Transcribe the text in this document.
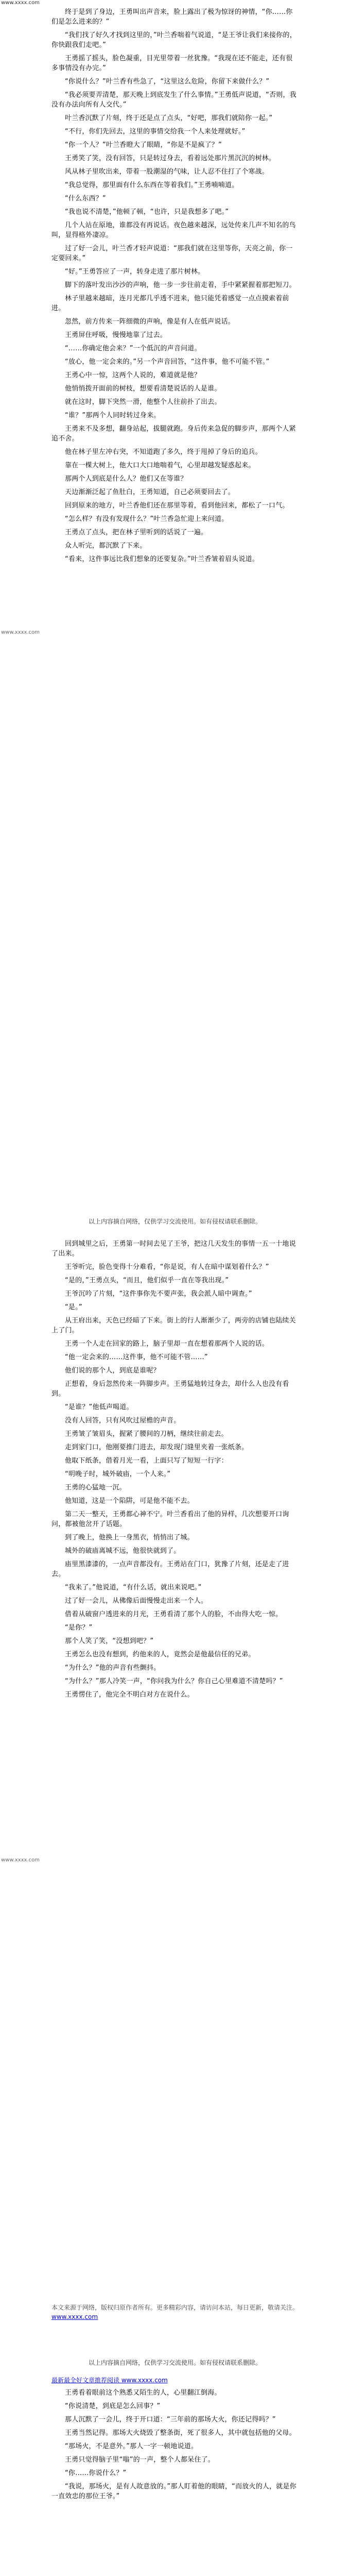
www.xxxx.com

终于是到了身边，王勇叫出声音来，脸上露出了极为惊讶的神情，“你……你们是怎么进来的？”

“我们找了好久才找到这里的，”叶兰香喘着气说道，“是王爷让我们来接你的，你快跟我们走吧。”

王勇摇了摇头，脸色凝重，目光里带着一丝犹豫。“我现在还不能走，还有很多事情没有办完。”

“你说什么？”叶兰香有些急了，“这里这么危险，你留下来做什么？”

“我必须要弄清楚，那天晚上到底发生了什么事情。”王勇低声说道，“否则，我没有办法向所有人交代。”

叶兰香沉默了片刻，终于还是点了点头，“好吧，那我们就陪你一起。”

“不行，你们先回去，这里的事情交给我一个人来处理就好。”

“你一个人？”叶兰香瞪大了眼睛，“你是不是疯了？”

王勇笑了笑，没有回答，只是转过身去，看着远处那片黑沉沉的树林。

风从林子里吹出来，带着一股潮湿的气味，让人忍不住打了个寒战。

“我总觉得，那里面有什么东西在等着我们。”王勇喃喃道。

“什么东西？”

“我也说不清楚，”他顿了顿，“也许，只是我想多了吧。”

几个人站在原地，谁都没有再说话。夜色越来越深，远处传来几声不知名的鸟叫，显得格外凄凉。

过了好一会儿，叶兰香才轻声说道：“那我们就在这里等你，天亮之前，你一定要回来。”

“好。”王勇答应了一声，转身走进了那片树林。

脚下的落叶发出沙沙的声响，他一步一步往前走着，手中紧紧握着那把短刀。

林子里越来越暗，连月光都几乎透不进来，他只能凭着感觉一点点摸索着前进。

忽然，前方传来一阵细微的声响，像是有人在低声说话。

王勇屏住呼吸，慢慢地靠了过去。

“……你确定他会来？”一个低沉的声音问道。

“放心，他一定会来的。”另一个声音回答，“这件事，他不可能不管。”

王勇心中一惊，这两个人说的，难道就是他？

他悄悄拨开面前的树枝，想要看清楚说话的人是谁。

就在这时，脚下突然一滑，他整个人往前扑了出去。

“谁？”那两个人同时转过身来。

王勇来不及多想，翻身站起，拔腿就跑。身后传来急促的脚步声，那两个人紧追不舍。

他在林子里左冲右突，不知道跑了多久，终于甩掉了身后的追兵。

靠在一棵大树上，他大口大口地喘着气，心里却越发疑惑起来。

那两个人到底是什么人？他们又在等谁？

天边渐渐泛起了鱼肚白，王勇知道，自己必须要回去了。

回到原来的地方，叶兰香他们还在那里等着，看到他回来，都松了一口气。

“怎么样？有没有发现什么？”叶兰香急忙迎上来问道。

王勇点了点头，把在林子里听到的话说了一遍。

众人听完，都沉默了下来。

“看来，这件事远比我们想象的还要复杂。”叶兰香皱着眉头说道。

www.xxxx.com
以上内容摘自网络，仅供学习交流使用。如有侵权请联系删除。

回到城里之后，王勇第一时间去见了王爷，把这几天发生的事情一五一十地说了出来。

王爷听完，脸色变得十分难看，“你是说，有人在暗中谋划着什么？”

“是的，”王勇点头，“而且，他们似乎一直在等我出现。”

王爷沉吟了片刻，“这件事你先不要声张，我会派人暗中调查。”

“是。”

从王府出来，天色已经暗了下来。街上的行人渐渐少了，两旁的店铺也陆续关上了门。

王勇一个人走在回家的路上，脑子里却一直在想着那两个人说的话。

“他一定会来的……这件事，他不可能不管……”

他们说的那个人，到底是谁呢？

正想着，身后忽然传来一阵脚步声。王勇猛地转过身去，却什么人也没有看到。

“是谁？”他低声喝道。

没有人回答，只有风吹过屋檐的声音。

王勇皱了皱眉头，握紧了腰间的刀柄，继续往前走去。

走到家门口，他刚要推门进去，却发现门缝里夹着一张纸条。

他取下纸条，借着月光一看，上面只写了短短一行字：

“明晚子时，城外破庙，一个人来。”

王勇的心猛地一沉。

他知道，这是一个陷阱，可是他不能不去。

第二天一整天，王勇都心神不宁。叶兰香看出了他的异样，几次想要开口询问，都被他岔开了话题。

到了晚上，他换上一身黑衣，悄悄出了城。

城外的破庙离城不远，他很快就到了。

庙里黑漆漆的，一点声音都没有。王勇站在门口，犹豫了片刻，还是走了进去。

“我来了。”他说道，“有什么话，就出来说吧。”

过了好一会儿，从佛像后面慢慢走出来一个人。

借着从破窗户透进来的月光，王勇看清了那个人的脸，不由得大吃一惊。

“是你？”

那个人笑了笑，“没想到吧？”

王勇怎么也没有想到，约他来的人，竟然会是他最信任的兄弟。

“为什么？”他的声音有些颤抖。

“为什么？”那人冷笑一声，“你问我为什么？你自己心里难道不清楚吗？”

王勇愣住了，他完全不明白对方在说什么。

www.xxxx.com
本文来源于网络，版权归原作者所有。更多精彩内容，请访问本站，每日更新，敬请关注。 www.xxxx.com
以上内容摘自网络，仅供学习交流使用。如有侵权请联系删除。
最新最全好文章推荐阅读 www.xxxx.com

王勇看着眼前这个熟悉又陌生的人，心里翻江倒海。

“你说清楚，到底是怎么回事？”

那人沉默了一会儿，终于开口道：“三年前的那场大火，你还记得吗？”

王勇当然记得。那场大火烧毁了整条街，死了很多人，其中就包括他的父母。

“那场火，不是意外。”那人一字一顿地说道。

王勇只觉得脑子里“嗡”的一声，整个人都呆住了。

“你……你说什么？”

“我说，那场火，是有人故意放的。”那人盯着他的眼睛，“而放火的人，就是你一直效忠的那位王爷。”
